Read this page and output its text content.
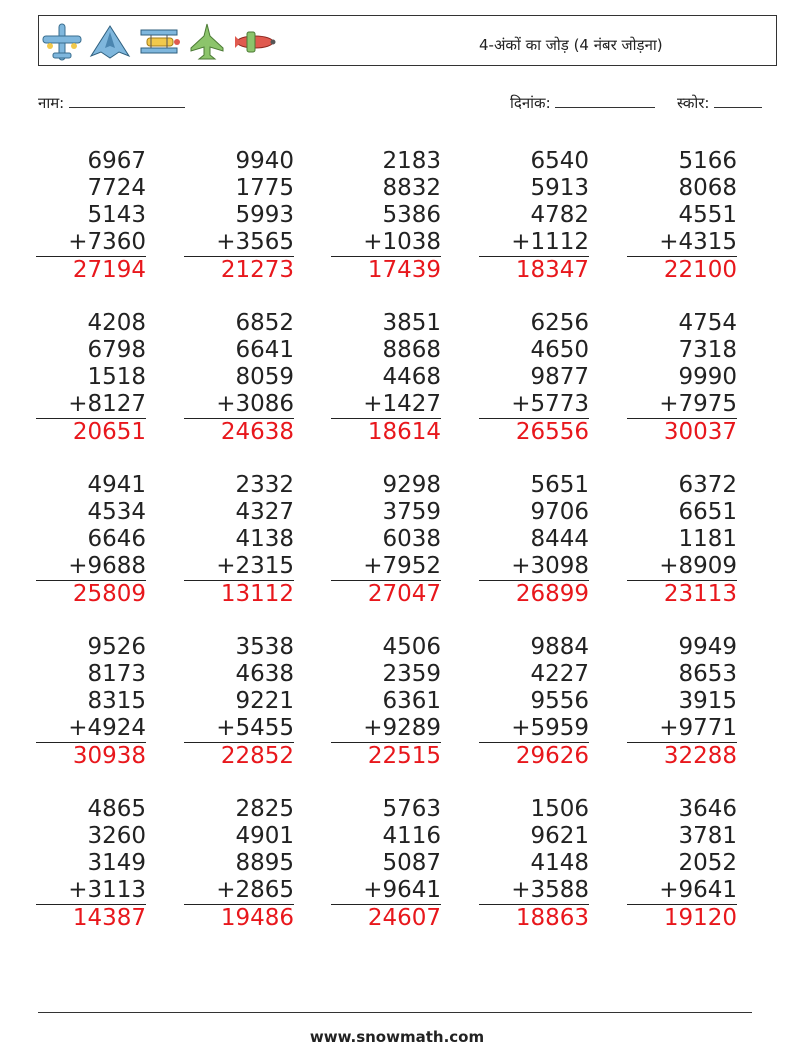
4-अंकों का जोड़ (4 नंबर जोड़ना)
नाम:	दिनांक:	स्कोर:
6967
7724
5143
+7360
27194
9940
1775
5993
+3565
21273
2183
8832
5386
+1038
17439
6540
5913
4782
+1112
18347
5166
8068
4551
+4315
22100
4208
6798
1518
+8127
20651
6852
6641
8059
+3086
24638
3851
8868
4468
+1427
18614
6256
4650
9877
+5773
26556
4754
7318
9990
+7975
30037
4941
4534
6646
+9688
25809
2332
4327
4138
+2315
13112
9298
3759
6038
+7952
27047
5651
9706
8444
+3098
26899
6372
6651
1181
+8909
23113
9526
8173
8315
+4924
30938
3538
4638
9221
+5455
22852
4506
2359
6361
+9289
22515
9884
4227
9556
+5959
29626
9949
8653
3915
+9771
32288
4865
3260
3149
+3113
14387
2825
4901
8895
+2865
19486
5763
4116
5087
+9641
24607
1506
9621
4148
+3588
18863
3646
3781
2052
+9641
19120
www.snowmath.com
